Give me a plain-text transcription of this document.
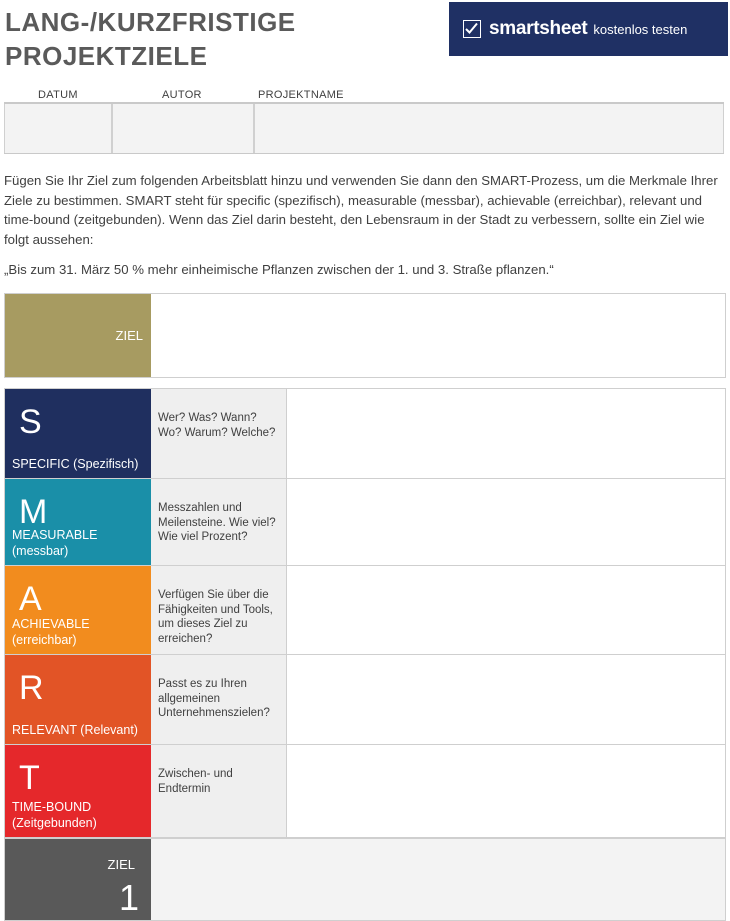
LANG-/KURZFRISTIGE
PROJEKTZIELE
smartsheet kostenlos testen
DATUM	AUTOR	PROJEKTNAME
Fügen Sie Ihr Ziel zum folgenden Arbeitsblatt hinzu und verwenden Sie dann den SMART-Prozess, um die Merkmale Ihrer Ziele zu bestimmen. SMART steht für specific (spezifisch), measurable (messbar), achievable (erreichbar), relevant und time-bound (zeitgebunden). Wenn das Ziel darin besteht, den Lebensraum in der Stadt zu verbessern, sollte ein Ziel wie folgt aussehen:
„Bis zum 31. März 50 % mehr einheimische Pflanzen zwischen der 1. und 3. Straße pflanzen.“
ZIEL
S
SPECIFIC (Spezifisch)
Wer? Was? Wann? Wo? Warum? Welche?
M
MEASURABLE (messbar)
Messzahlen und Meilensteine. Wie viel? Wie viel Prozent?
A
ACHIEVABLE (erreichbar)
Verfügen Sie über die Fähigkeiten und Tools, um dieses Ziel zu erreichen?
R
RELEVANT (Relevant)
Passt es zu Ihren allgemeinen Unternehmenszielen?
T
TIME-BOUND (Zeitgebunden)
Zwischen- und Endtermin
ZIEL
1
